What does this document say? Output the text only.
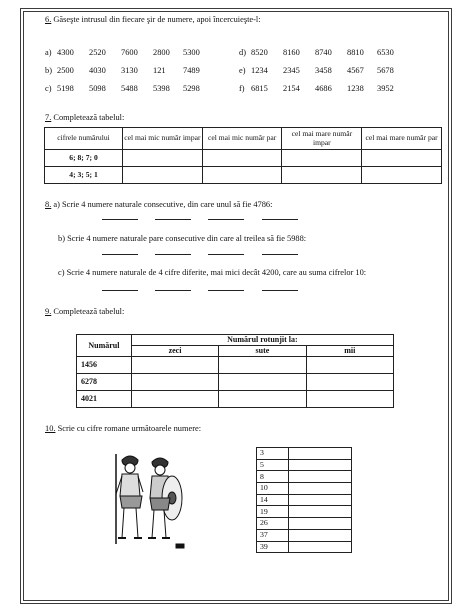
6. Găseşte intrusul din fiecare şir de numere, apoi încercuieşte-l:
a) 4300 2520 7600 2800 5300
b) 2500 4030 3130 121 7489
c) 5198 5098 5488 5398 5298
d) 8520 8160 8740 8810 6530
e) 1234 2345 3458 4567 5678
f) 6815 2154 4686 1238 3952
7. Completează tabelul:
cifrele numărului	cel mai mic număr impar	cel mai mic număr par	cel mai mare număr impar	cel mai mare număr par
6; 8; 7; 0				
4; 3; 5; 1				
8. a) Scrie 4 numere naturale consecutive, din care unul să fie 4786:
b) Scrie 4 numere naturale pare consecutive din care al treilea să fie 5988:
c) Scrie 4 numere naturale de 4 cifre diferite, mai mici decât 4200, care au suma cifrelor 10:
9. Completează tabelul:
Numărul	Numărul rotunjit la:		
	zeci	sute	mii
1456			
6278			
4021			
10. Scrie cu cifre romane următoarele numere:
3	
5	
8	
10	
14	
19	
26	
37	
39	
